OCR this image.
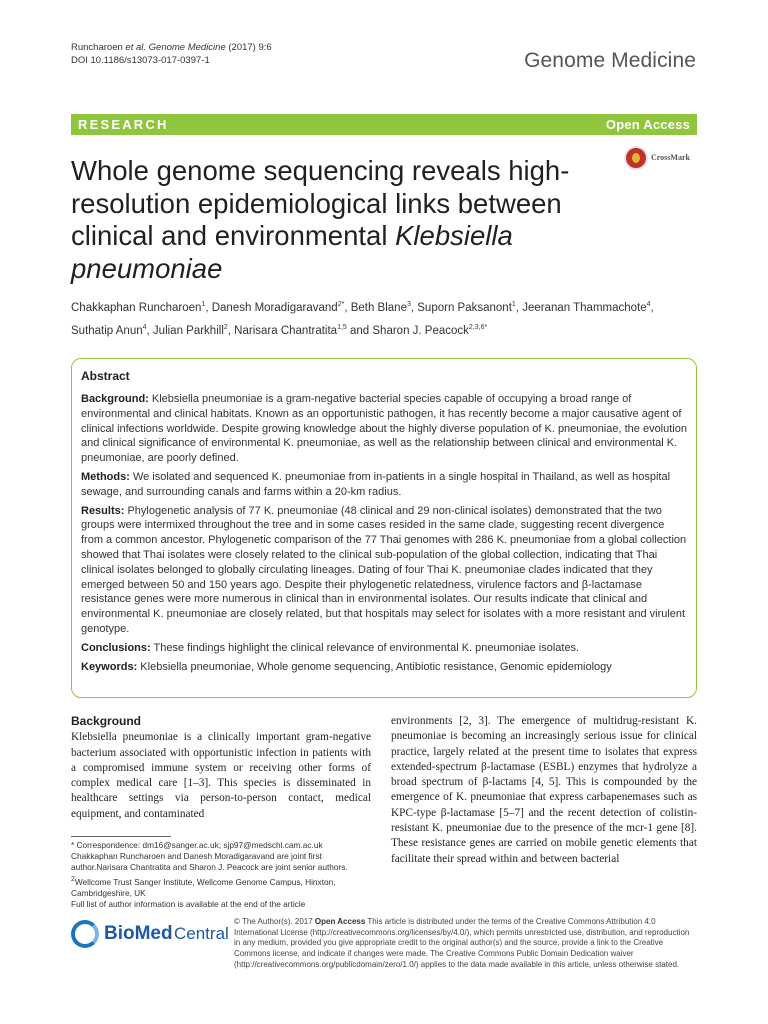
Runcharoen et al. Genome Medicine (2017) 9:6
DOI 10.1186/s13073-017-0397-1	Genome Medicine
RESEARCH	Open Access
Whole genome sequencing reveals high-
resolution epidemiological links between
clinical and environmental Klebsiella
pneumoniae
CrossMark
Chakkaphan Runcharoen$^1$, Danesh Moradigaravand$^{2*}$, Beth Blane$^3$, Suporn Paksanont$^1$, Jeeranan Thammachote$^4$,
Suthatip Anun$^4$, Julian Parkhill$^2$, Narisara Chantratita$^{1,5}$ and Sharon J. Peacock$^{2,3,6*}$
Abstract

Background: Klebsiella pneumoniae is a gram-negative bacterial species capable of occupying a broad range of environmental and clinical habitats. Known as an opportunistic pathogen, it has recently become a major causative agent of clinical infections worldwide. Despite growing knowledge about the highly diverse population of K. pneumoniae, the evolution and clinical significance of environmental K. pneumoniae, as well as the relationship between clinical and environmental K. pneumoniae, are poorly defined.

Methods: We isolated and sequenced K. pneumoniae from in-patients in a single hospital in Thailand, as well as hospital sewage, and surrounding canals and farms within a 20-km radius.

Results: Phylogenetic analysis of 77 K. pneumoniae (48 clinical and 29 non-clinical isolates) demonstrated that the two groups were intermixed throughout the tree and in some cases resided in the same clade, suggesting recent divergence from a common ancestor. Phylogenetic comparison of the 77 Thai genomes with 286 K. pneumoniae from a global collection showed that Thai isolates were closely related to the clinical sub-population of the global collection, indicating that Thai clinical isolates belonged to globally circulating lineages. Dating of four Thai K. pneumoniae clades indicated that they emerged between 50 and 150 years ago. Despite their phylogenetic relatedness, virulence factors and β-lactamase resistance genes were more numerous in clinical than in environmental isolates. Our results indicate that clinical and environmental K. pneumoniae are closely related, but that hospitals may select for isolates with a more resistant and virulent genotype.

Conclusions: These findings highlight the clinical relevance of environmental K. pneumoniae isolates.

Keywords: Klebsiella pneumoniae, Whole genome sequencing, Antibiotic resistance, Genomic epidemiology

Background

Klebsiella pneumoniae is a clinically important gram-negative bacterium associated with opportunistic infection in patients with a compromised immune system or receiving other forms of complex medical care [1–3]. This species is disseminated in healthcare settings via person-to-person contact, medical equipment, and contaminated

environments [2, 3]. The emergence of multidrug-resistant K. pneumoniae is becoming an increasingly serious issue for clinical practice, largely related at the present time to isolates that express extended-spectrum β-lactamase (ESBL) enzymes that hydrolyze a broad spectrum of β-lactams [4, 5]. This is compounded by the emergence of K. pneumoniae that express carbapenemases such as KPC-type β-lactamase [5–7] and the recent detection of colistin-resistant K. pneumoniae due to the presence of the mcr-1 gene [8]. These resistance genes are carried on mobile genetic elements that facilitate their spread within and between bacterial

* Correspondence: dm16@sanger.ac.uk; sjp97@medschl.cam.ac.uk
Chakkaphan Runcharoen and Danesh Moradigaravand are joint first author.Narisara Chantratita and Sharon J. Peacock are joint senior authors.
$^2$Wellcome Trust Sanger Institute, Wellcome Genome Campus, Hinxton, Cambridgeshire, UK
Full list of author information is available at the end of the article
BioMed Central
© The Author(s). 2017 Open Access This article is distributed under the terms of the Creative Commons Attribution 4.0 International License (http://creativecommons.org/licenses/by/4.0/), which permits unrestricted use, distribution, and reproduction in any medium, provided you give appropriate credit to the original author(s) and the source, provide a link to the Creative Commons license, and indicate if changes were made. The Creative Commons Public Domain Dedication waiver (http://creativecommons.org/publicdomain/zero/1.0/) applies to the data made available in this article, unless otherwise stated.
